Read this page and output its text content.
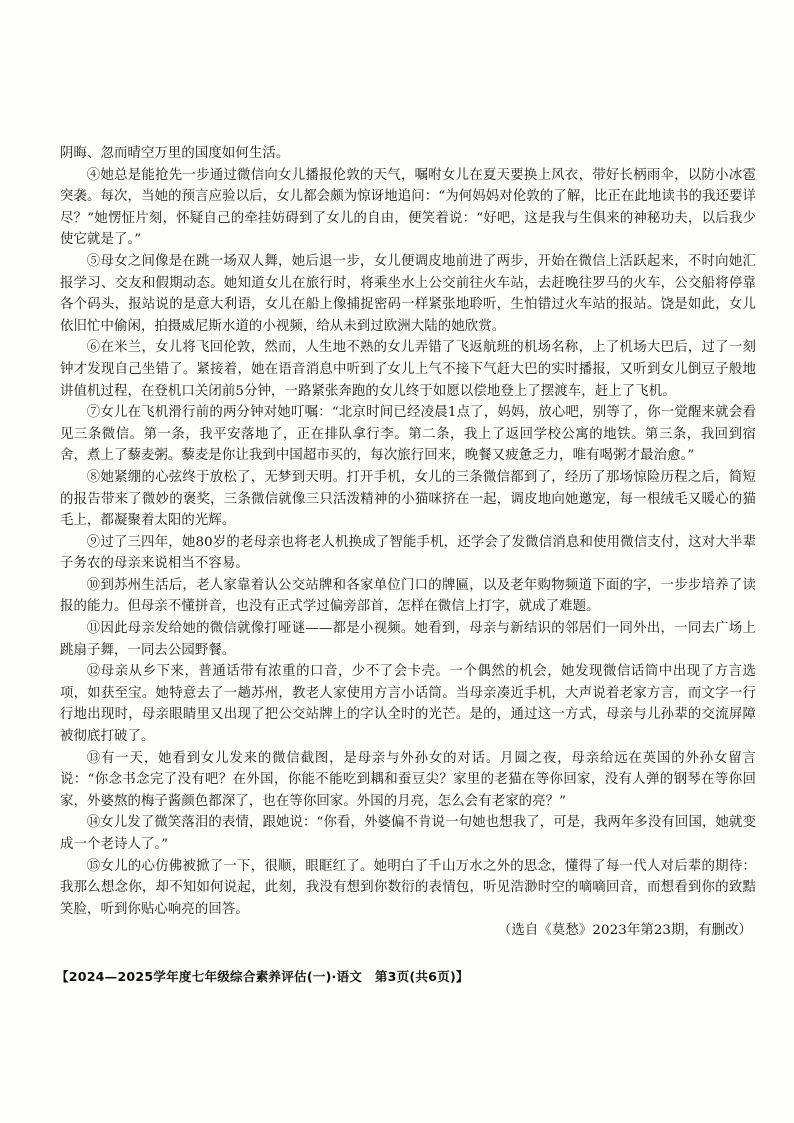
阴晦、忽而晴空万里的国度如何生活。

④她总是能抢先一步通过微信向女儿播报伦敦的天气，嘱咐女儿在夏天要换上风衣，带好长柄雨伞，以防小冰雹突袭。每次，当她的预言应验以后，女儿都会颇为惊讶地追问：“为何妈妈对伦敦的了解，比正在此地读书的我还要详尽？”她愣怔片刻，怀疑自己的牵挂妨碍到了女儿的自由，便笑着说：“好吧，这是我与生俱来的神秘功夫，以后我少使它就是了。”

⑤母女之间像是在跳一场双人舞，她后退一步，女儿便调皮地前进了两步，开始在微信上活跃起来，不时向她汇报学习、交友和假期动态。她知道女儿在旅行时，将乘坐水上公交前往火车站，去赶晚往罗马的火车，公交船将停靠各个码头，报站说的是意大利语，女儿在船上像捕捉密码一样紧张地聆听，生怕错过火车站的报站。饶是如此，女儿依旧忙中偷闲，拍摄威尼斯水道的小视频，给从未到过欧洲大陆的她欣赏。

⑥在米兰，女儿将飞回伦敦，然而，人生地不熟的女儿弄错了飞返航班的机场名称，上了机场大巴后，过了一刻钟才发现自己坐错了。紧接着，她在语音消息中听到了女儿上气不接下气赶大巴的实时播报，又听到女儿倒豆子般地讲值机过程，在登机口关闭前5分钟，一路紧张奔跑的女儿终于如愿以偿地登上了摆渡车，赶上了飞机。

⑦女儿在飞机滑行前的两分钟对她叮嘱：“北京时间已经凌晨1点了，妈妈，放心吧，别等了，你一觉醒来就会看见三条微信。第一条，我平安落地了，正在排队拿行李。第二条，我上了返回学校公寓的地铁。第三条，我回到宿舍，煮上了藜麦粥。藜麦是你让我到中国超市买的，每次旅行回来，晚餐又疲惫乏力，唯有喝粥才最治愈。”

⑧她紧绷的心弦终于放松了，无梦到天明。打开手机，女儿的三条微信都到了，经历了那场惊险历程之后，简短的报告带来了微妙的褒奖，三条微信就像三只活泼精神的小猫咪挤在一起，调皮地向她邀宠，每一根绒毛又暖心的猫毛上，都凝聚着太阳的光辉。

⑨过了三四年，她80岁的老母亲也将老人机换成了智能手机，还学会了发微信消息和使用微信支付，这对大半辈子务农的母亲来说相当不容易。

⑩到苏州生活后，老人家靠着认公交站牌和各家单位门口的牌匾，以及老年购物频道下面的字，一步步培养了读报的能力。但母亲不懂拼音，也没有正式学过偏旁部首，怎样在微信上打字，就成了难题。

⑪因此母亲发给她的微信就像打哑谜——都是小视频。她看到，母亲与新结识的邻居们一同外出，一同去广场上跳扇子舞，一同去公园野餐。

⑫母亲从乡下来，普通话带有浓重的口音，少不了会卡壳。一个偶然的机会，她发现微信话筒中出现了方言选项，如获至宝。她特意去了一趟苏州，教老人家使用方言小话筒。当母亲凑近手机，大声说着老家方言，而文字一行行地出现时，母亲眼睛里又出现了把公交站牌上的字认全时的光芒。是的，通过这一方式，母亲与儿孙辈的交流屏障被彻底打破了。

⑬有一天，她看到女儿发来的微信截图，是母亲与外孙女的对话。月圆之夜，母亲给远在英国的外孙女留言说：“你念书念完了没有吧？在外国，你能不能吃到耦和蚕豆尖？家里的老猫在等你回家，没有人弹的钢琴在等你回家，外婆熬的梅子酱颜色都深了，也在等你回家。外国的月亮，怎么会有老家的亮？”

⑭女儿发了微笑落泪的表情，跟她说：“你看，外婆偏不肯说一句她也想我了，可是，我两年多没有回国，她就变成一个老诗人了。”

⑮女儿的心仿佛被掀了一下，很顺，眼眶红了。她明白了千山万水之外的思念，懂得了每一代人对后辈的期待：我那么想念你，却不知如何说起，此刻，我没有想到你数衍的表情包，听见浩渺时空的嘀嘀回音，而想看到你的致黠笑脸，听到你贴心响亮的回答。

（选自《莫愁》2023年第23期，有删改）

【2024—2025学年度七年级综合素养评估(一)·语文　第3页(共6页)】
